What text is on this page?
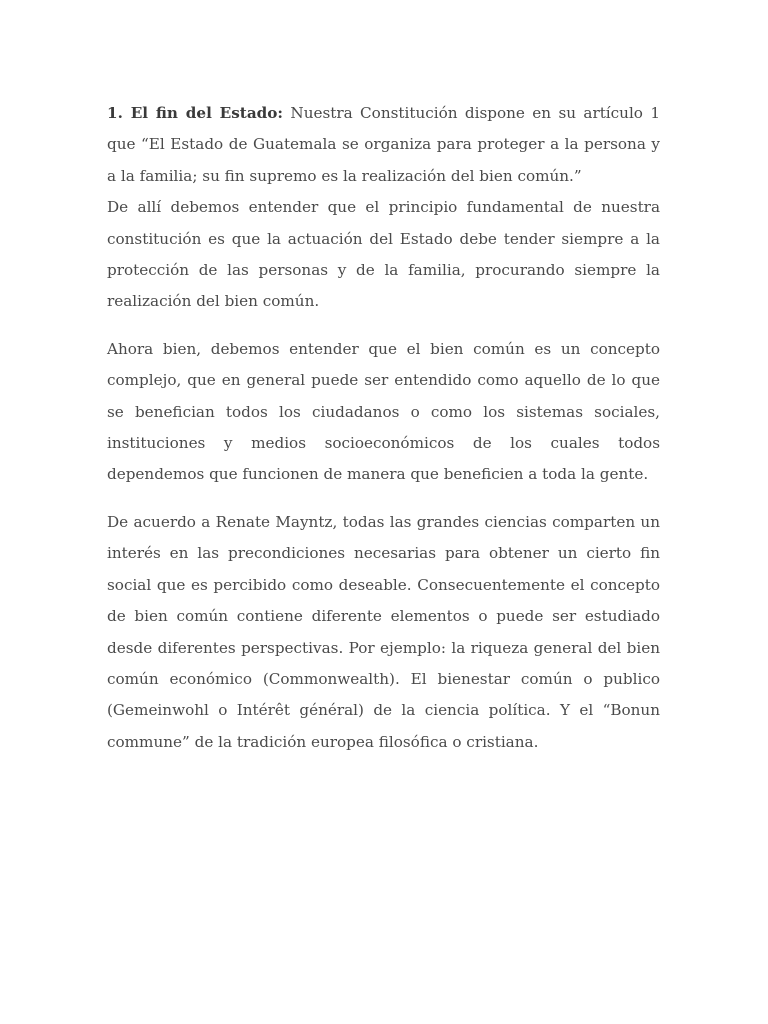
1. El fin del Estado: Nuestra Constitución dispone en su artículo 1 que “El Estado de Guatemala se organiza para proteger a la persona y a la familia; su fin supremo es la realización del bien común.”

De allí debemos entender que el principio fundamental de nuestra constitución es que la actuación del Estado debe tender siempre a la protección de las personas y de la familia, procurando siempre la realización del bien común.

Ahora bien, debemos entender que el bien común es un concepto complejo, que en general puede ser entendido como aquello de lo que se benefician todos los ciudadanos o como los sistemas sociales, instituciones y medios socioeconómicos de los cuales todos dependemos que funcionen de manera que beneficien a toda la gente.

De acuerdo a Renate Mayntz, todas las grandes ciencias comparten un interés en las precondiciones necesarias para obtener un cierto fin social que es percibido como deseable. Consecuentemente el concepto de bien común contiene diferente elementos o puede ser estudiado desde diferentes perspectivas. Por ejemplo: la riqueza general del bien común económico (Commonwealth). El bienestar común o publico (Gemeinwohl o Intérêt général) de la ciencia política. Y el “Bonun commune” de la tradición europea filosófica o cristiana.
